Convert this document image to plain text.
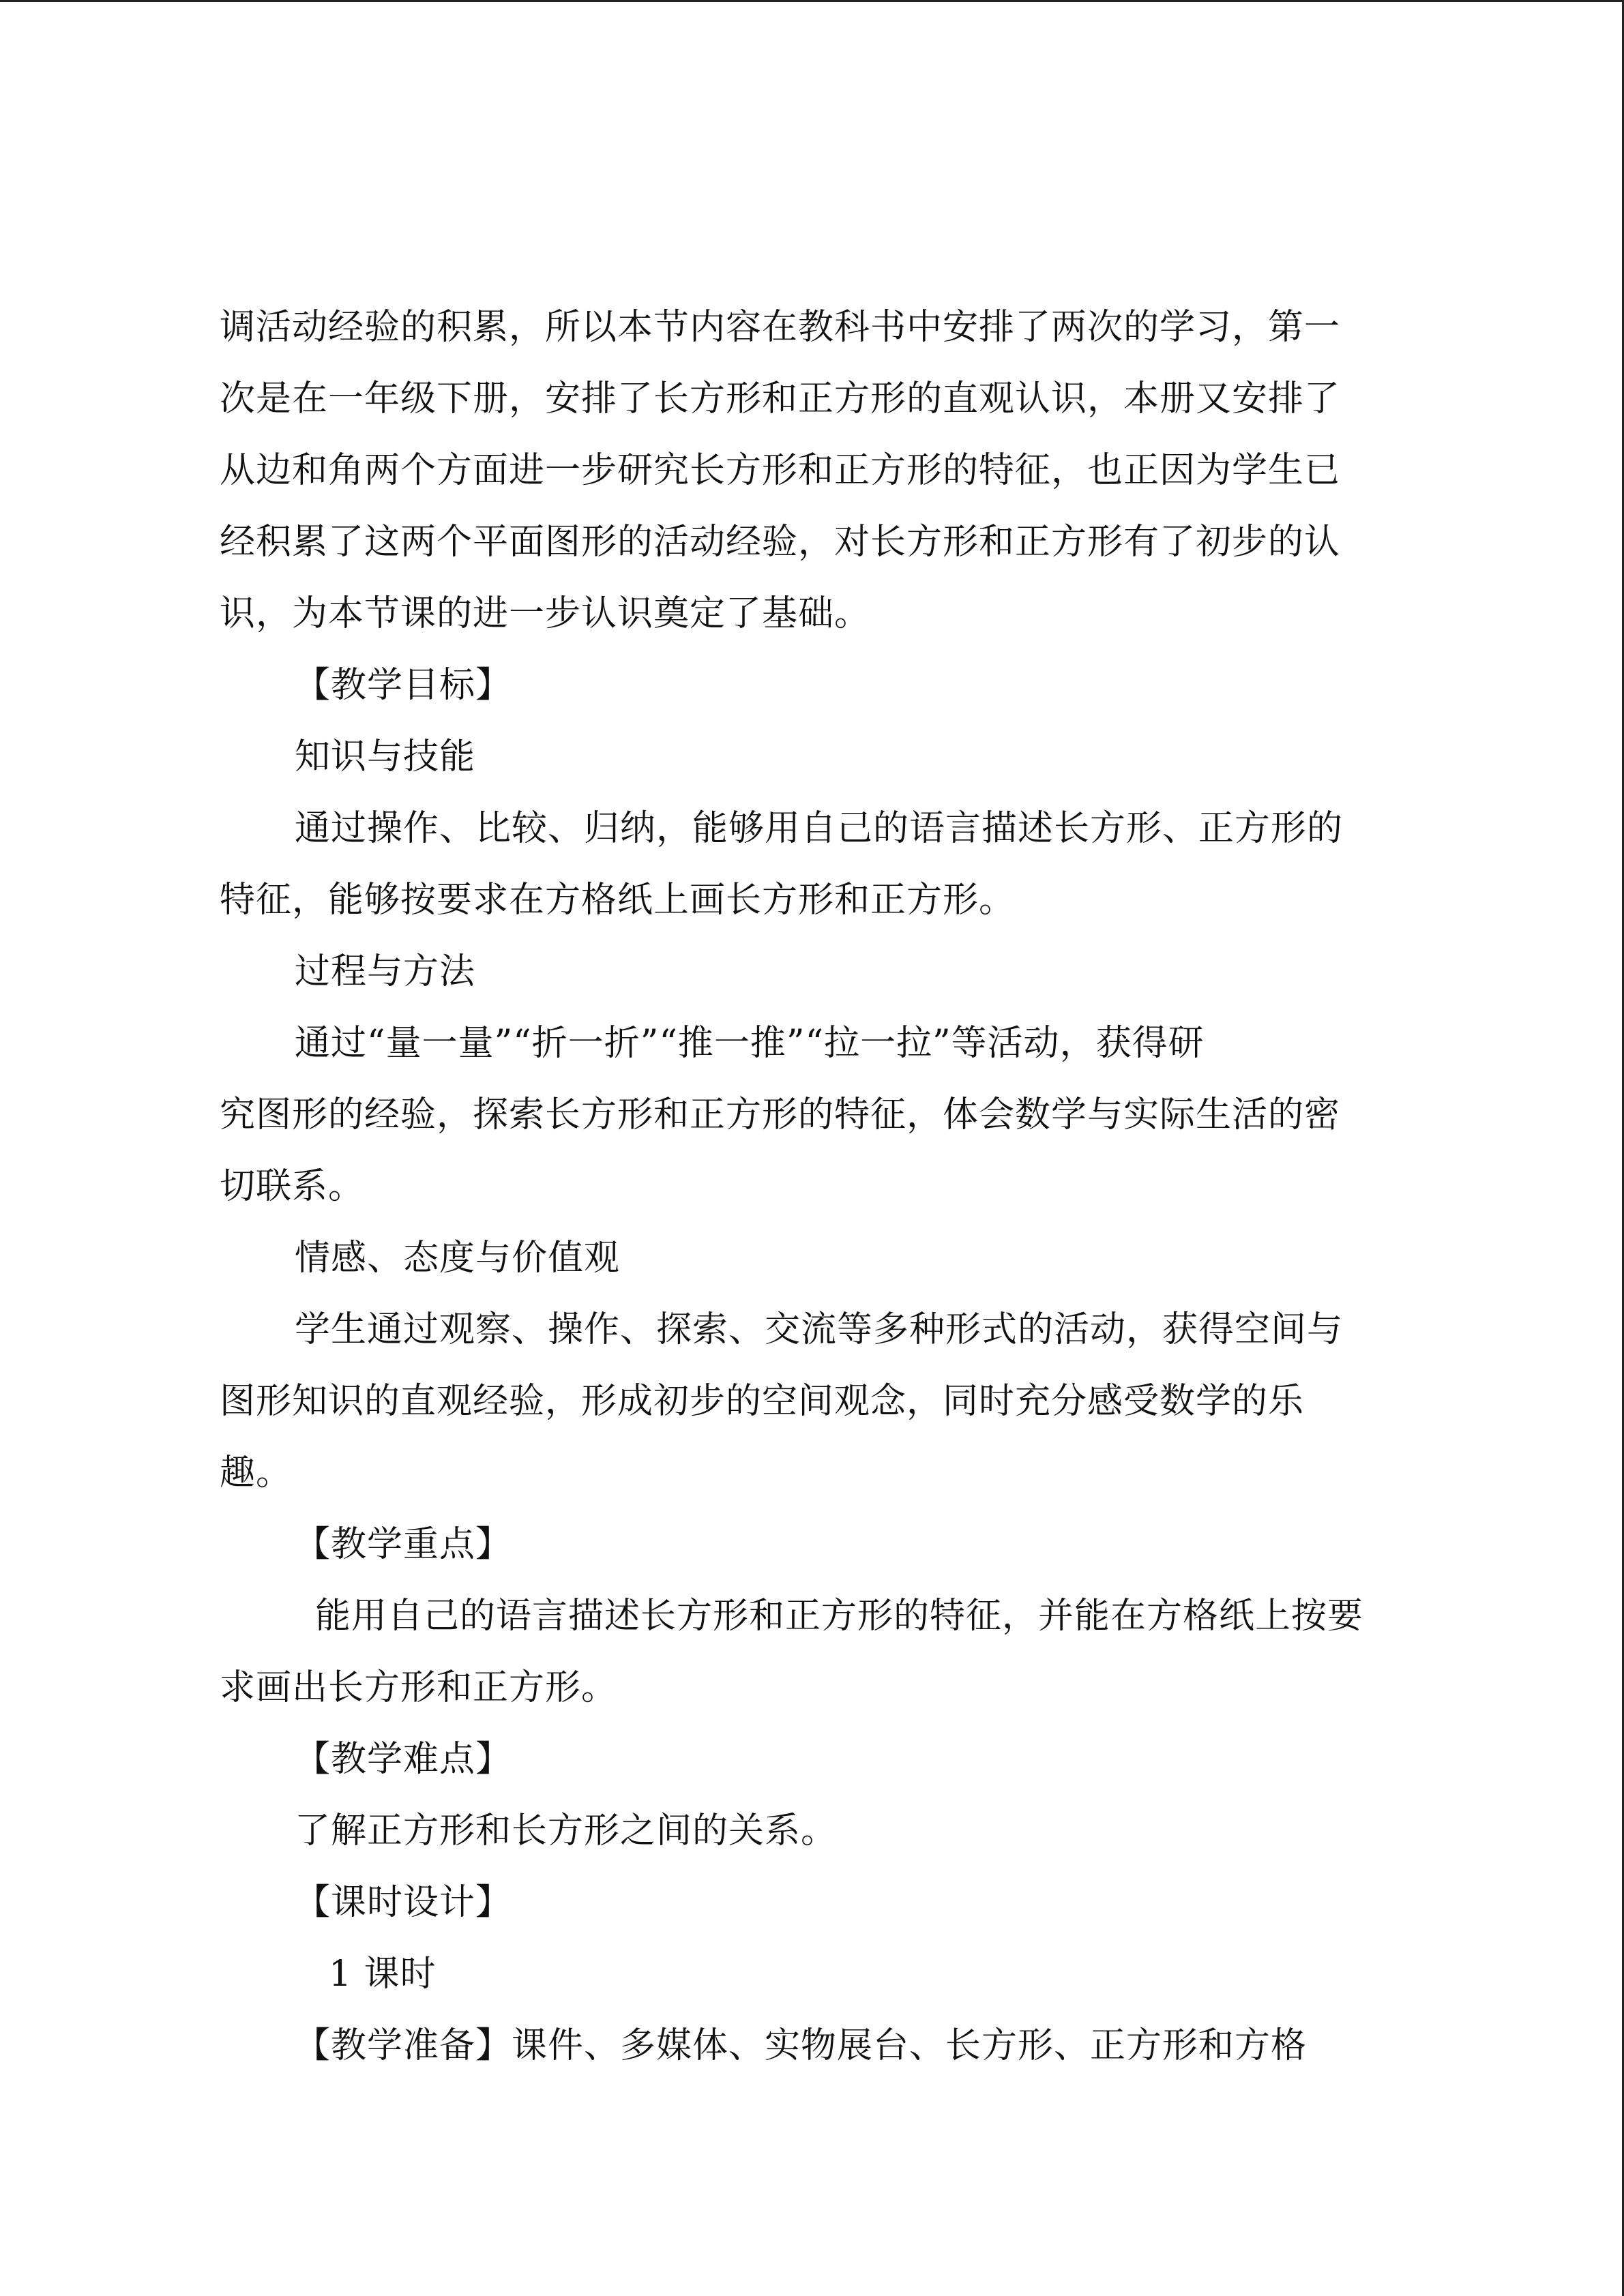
调活动经验的积累，所以本节内容在教科书中安排了两次的学习，第一
次是在一年级下册，安排了长方形和正方形的直观认识，本册又安排了
从边和角两个方面进一步研究长方形和正方形的特征，也正因为学生已
经积累了这两个平面图形的活动经验，对长方形和正方形有了初步的认
识，为本节课的进一步认识奠定了基础。
【教学目标】
知识与技能
通过操作、比较、归纳，能够用自己的语言描述长方形、正方形的
特征，能够按要求在方格纸上画长方形和正方形。
过程与方法
通过“量一量”“折一折”“推一推”“拉一拉”等活动，获得研
究图形的经验，探索长方形和正方形的特征，体会数学与实际生活的密
切联系。
情感、态度与价值观
学生通过观察、操作、探索、交流等多种形式的活动，获得空间与
图形知识的直观经验，形成初步的空间观念，同时充分感受数学的乐
趣。
【教学重点】
能用自己的语言描述长方形和正方形的特征，并能在方格纸上按要
求画出长方形和正方形。
【教学难点】
了解正方形和长方形之间的关系。
【课时设计】
1 课时
【教学准备】课件、多媒体、实物展台、长方形、正方形和方格
